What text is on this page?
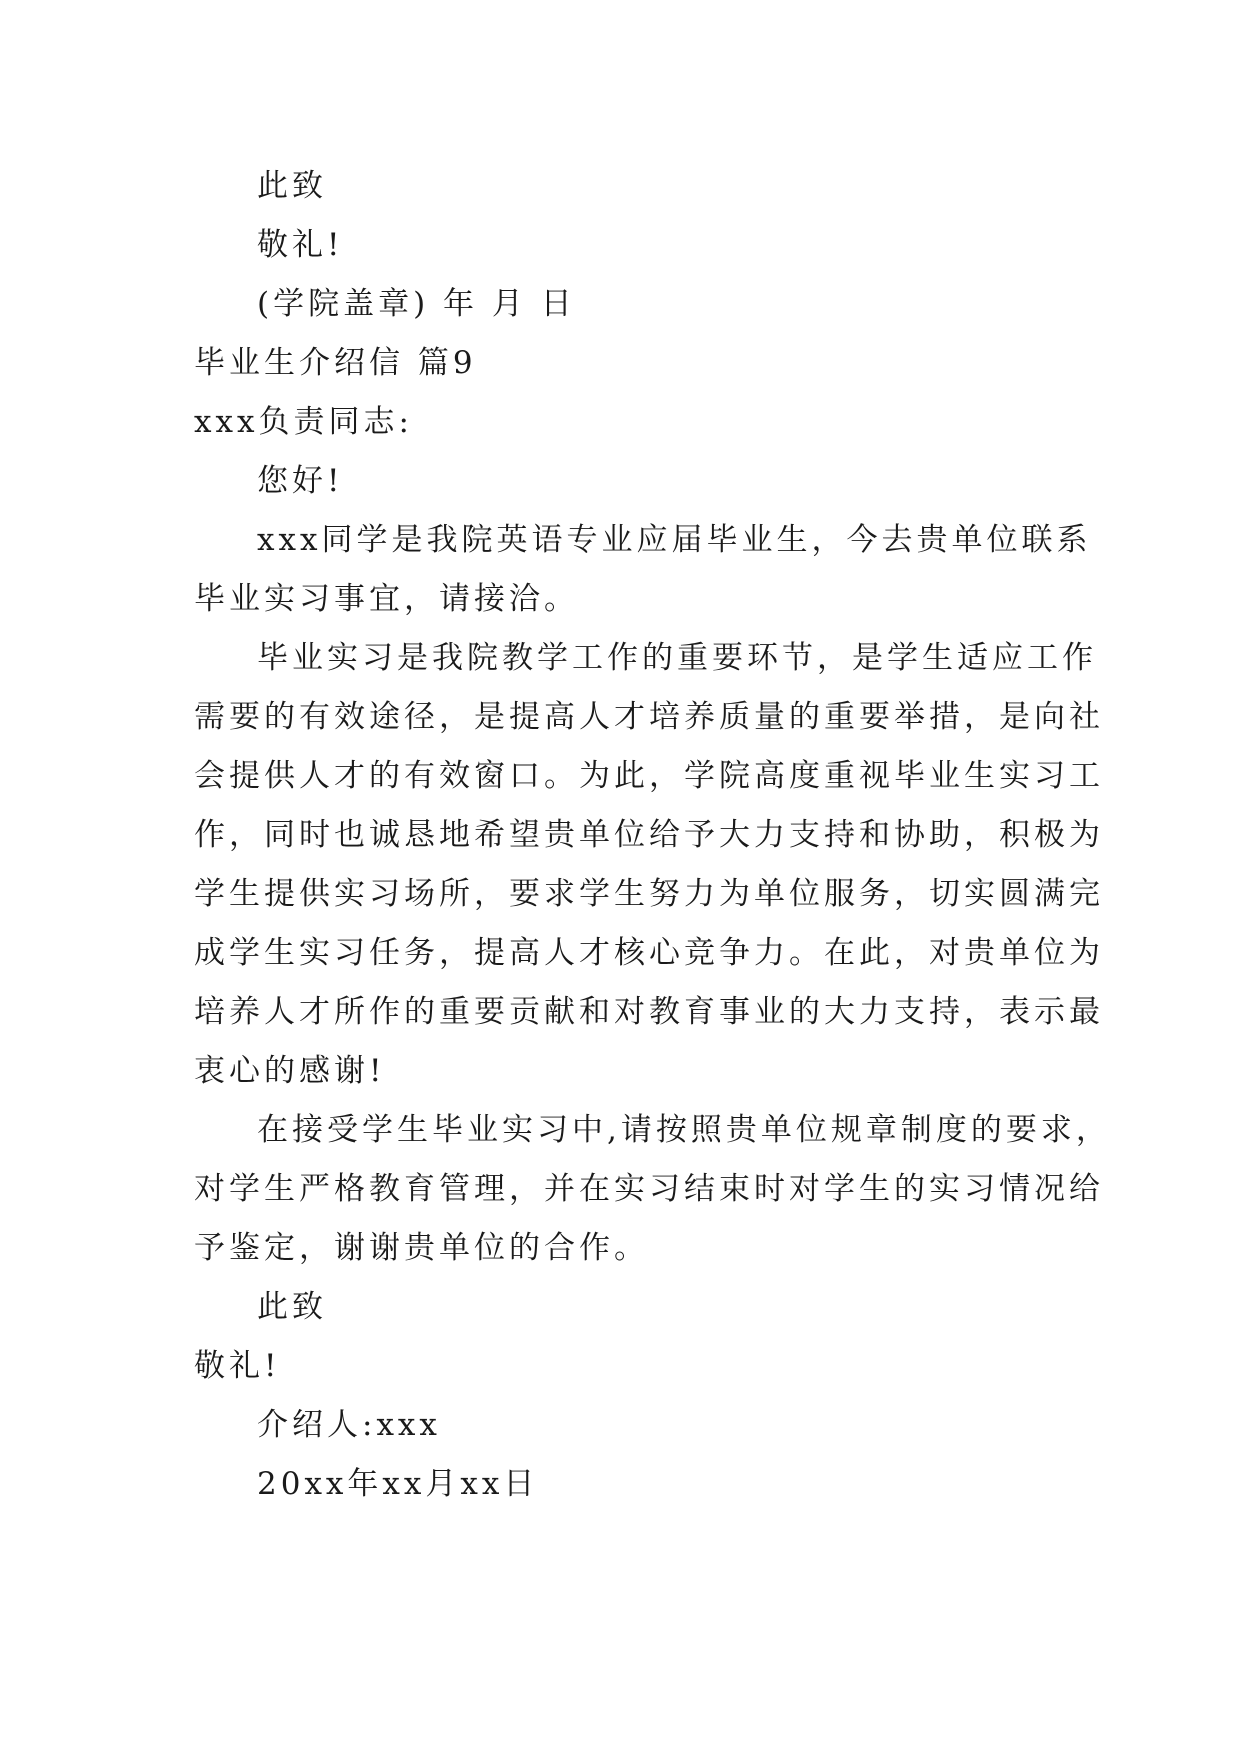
此致
敬礼!
(学院盖章) 年 月 日
毕业生介绍信 篇9
xxx负责同志:
您好!
xxx同学是我院英语专业应届毕业生，今去贵单位联系
毕业实习事宜，请接洽。
毕业实习是我院教学工作的重要环节，是学生适应工作
需要的有效途径，是提高人才培养质量的重要举措，是向社
会提供人才的有效窗口。为此，学院高度重视毕业生实习工
作，同时也诚恳地希望贵单位给予大力支持和协助，积极为
学生提供实习场所，要求学生努力为单位服务，切实圆满完
成学生实习任务，提高人才核心竞争力。在此，对贵单位为
培养人才所作的重要贡献和对教育事业的大力支持，表示最
衷心的感谢!
在接受学生毕业实习中,请按照贵单位规章制度的要求，
对学生严格教育管理，并在实习结束时对学生的实习情况给
予鉴定，谢谢贵单位的合作。
此致
敬礼!
介绍人:xxx
20xx年xx月xx日
